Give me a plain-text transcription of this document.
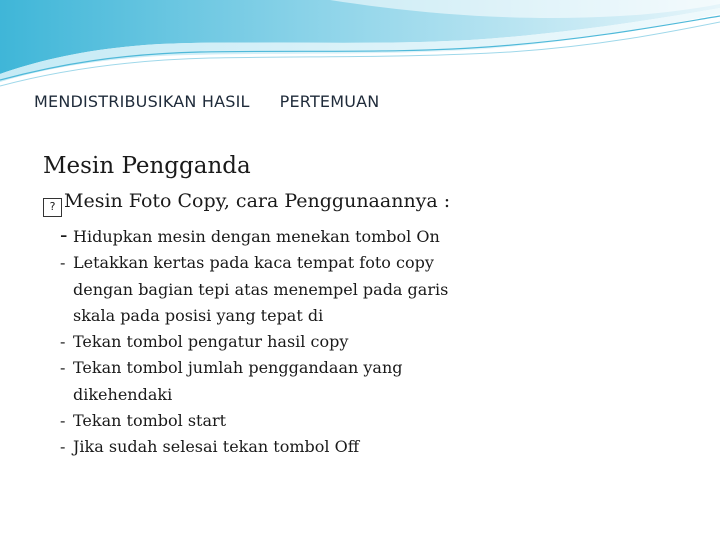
MENDISTRIBUSIKAN HASIL PERTEMUAN
Mesin Pengganda
? Mesin Foto Copy, cara Penggunaannya :
- Hidupkan mesin dengan menekan tombol On
- Letakkan kertas pada kaca tempat foto copy dengan bagian tepi atas menempel pada garis skala pada posisi yang tepat di
- Tekan tombol pengatur hasil copy
- Tekan tombol jumlah penggandaan yang dikehendaki
- Tekan tombol start
- Jika sudah selesai tekan tombol Off
